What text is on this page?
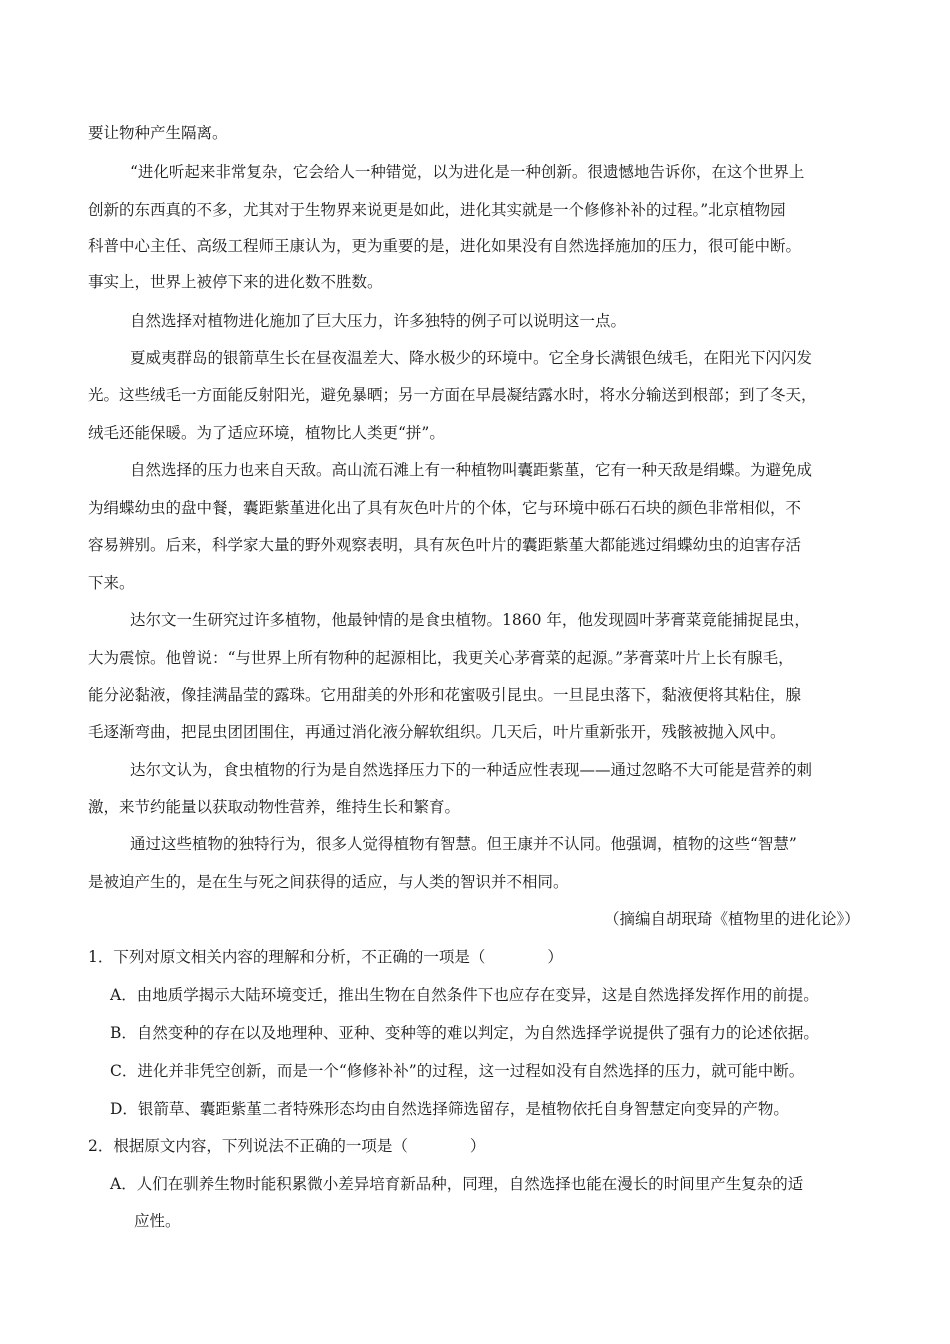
要让物种产生隔离。
“进化听起来非常复杂，它会给人一种错觉，以为进化是一种创新。很遗憾地告诉你，在这个世界上
创新的东西真的不多，尤其对于生物界来说更是如此，进化其实就是一个修修补补的过程。”北京植物园
科普中心主任、高级工程师王康认为，更为重要的是，进化如果没有自然选择施加的压力，很可能中断。
事实上，世界上被停下来的进化数不胜数。
自然选择对植物进化施加了巨大压力，许多独特的例子可以说明这一点。
夏威夷群岛的银箭草生长在昼夜温差大、降水极少的环境中。它全身长满银色绒毛，在阳光下闪闪发
光。这些绒毛一方面能反射阳光，避免暴晒；另一方面在早晨凝结露水时，将水分输送到根部；到了冬天，
绒毛还能保暖。为了适应环境，植物比人类更“拼”。
自然选择的压力也来自天敌。高山流石滩上有一种植物叫囊距紫堇，它有一种天敌是绢蝶。为避免成
为绢蝶幼虫的盘中餐，囊距紫堇进化出了具有灰色叶片的个体，它与环境中砾石石块的颜色非常相似，不
容易辨别。后来，科学家大量的野外观察表明，具有灰色叶片的囊距紫堇大都能逃过绢蝶幼虫的迫害存活
下来。
达尔文一生研究过许多植物，他最钟情的是食虫植物。1860 年，他发现圆叶茅膏菜竟能捕捉昆虫，
大为震惊。他曾说：“与世界上所有物种的起源相比，我更关心茅膏菜的起源。”茅膏菜叶片上长有腺毛，
能分泌黏液，像挂满晶莹的露珠。它用甜美的外形和花蜜吸引昆虫。一旦昆虫落下，黏液便将其粘住，腺
毛逐渐弯曲，把昆虫团团围住，再通过消化液分解软组织。几天后，叶片重新张开，残骸被抛入风中。
达尔文认为，食虫植物的行为是自然选择压力下的一种适应性表现——通过忽略不大可能是营养的刺
激，来节约能量以获取动物性营养，维持生长和繁育。
通过这些植物的独特行为，很多人觉得植物有智慧。但王康并不认同。他强调，植物的这些“智慧”
是被迫产生的，是在生与死之间获得的适应，与人类的智识并不相同。
（摘编自胡珉琦《植物里的进化论》）
1．下列对原文相关内容的理解和分析，不正确的一项是（　　　　）
A．由地质学揭示大陆环境变迁，推出生物在自然条件下也应存在变异，这是自然选择发挥作用的前提。
B．自然变种的存在以及地理种、亚种、变种等的难以判定，为自然选择学说提供了强有力的论述依据。
C．进化并非凭空创新，而是一个“修修补补”的过程，这一过程如没有自然选择的压力，就可能中断。
D．银箭草、囊距紫堇二者特殊形态均由自然选择筛选留存，是植物依托自身智慧定向变异的产物。
2．根据原文内容，下列说法不正确的一项是（　　　　）
A．人们在驯养生物时能积累微小差异培育新品种，同理，自然选择也能在漫长的时间里产生复杂的适
应性。
